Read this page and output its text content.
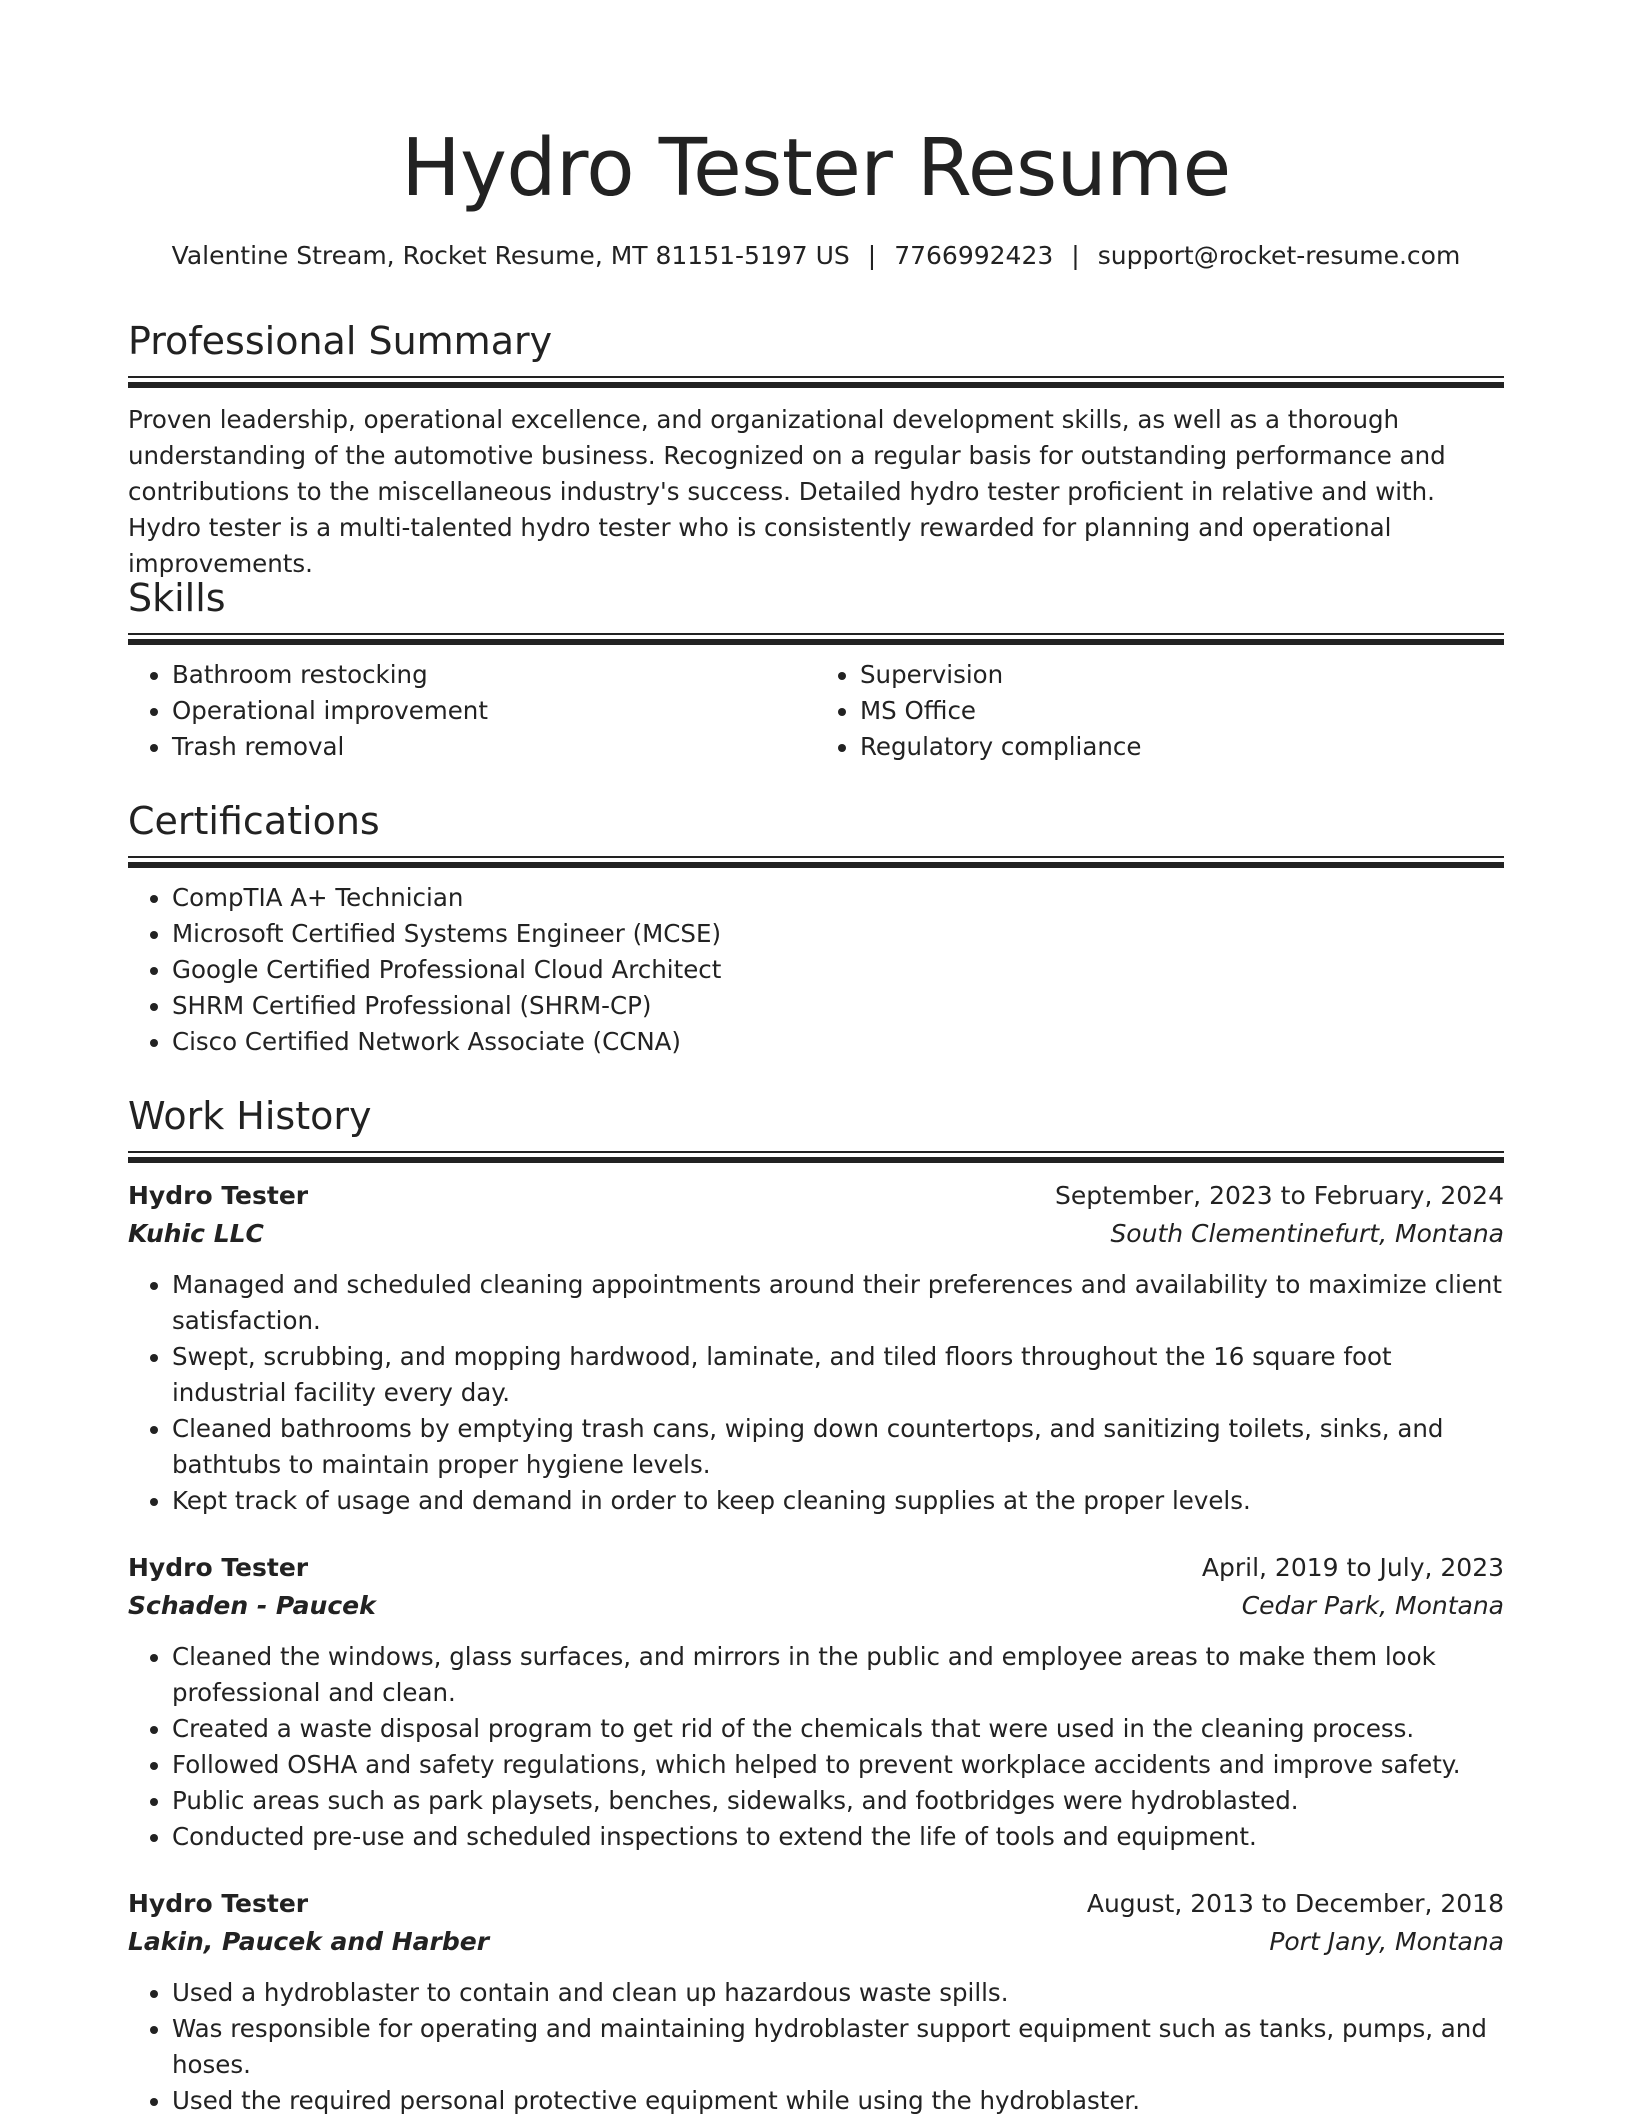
Hydro Tester Resume
Valentine Stream, Rocket Resume, MT 81151-5197 US | 7766992423 | support@rocket-resume.com
Professional Summary

Proven leadership, operational excellence, and organizational development skills, as well as a thorough understanding of the automotive business. Recognized on a regular basis for outstanding performance and contributions to the miscellaneous industry's success. Detailed hydro tester proficient in relative and with. Hydro tester is a multi-talented hydro tester who is consistently rewarded for planning and operational improvements.

Skills
• Bathroom restocking
• Operational improvement
• Trash removal
• Supervision
• MS Office
• Regulatory compliance
Certifications
• CompTIA A+ Technician
• Microsoft Certified Systems Engineer (MCSE)
• Google Certified Professional Cloud Architect
• SHRM Certified Professional (SHRM-CP)
• Cisco Certified Network Associate (CCNA)
Work History
Hydro Tester	September, 2023 to February, 2024
Kuhic LLC	South Clementinefurt, Montana
• Managed and scheduled cleaning appointments around their preferences and availability to maximize client satisfaction.
• Swept, scrubbing, and mopping hardwood, laminate, and tiled floors throughout the 16 square foot industrial facility every day.
• Cleaned bathrooms by emptying trash cans, wiping down countertops, and sanitizing toilets, sinks, and bathtubs to maintain proper hygiene levels.
• Kept track of usage and demand in order to keep cleaning supplies at the proper levels.
Hydro Tester	April, 2019 to July, 2023
Schaden - Paucek	Cedar Park, Montana
• Cleaned the windows, glass surfaces, and mirrors in the public and employee areas to make them look professional and clean.
• Created a waste disposal program to get rid of the chemicals that were used in the cleaning process.
• Followed OSHA and safety regulations, which helped to prevent workplace accidents and improve safety.
• Public areas such as park playsets, benches, sidewalks, and footbridges were hydroblasted.
• Conducted pre-use and scheduled inspections to extend the life of tools and equipment.
Hydro Tester	August, 2013 to December, 2018
Lakin, Paucek and Harber	Port Jany, Montana
• Used a hydroblaster to contain and clean up hazardous waste spills.
• Was responsible for operating and maintaining hydroblaster support equipment such as tanks, pumps, and hoses.
• Used the required personal protective equipment while using the hydroblaster.
